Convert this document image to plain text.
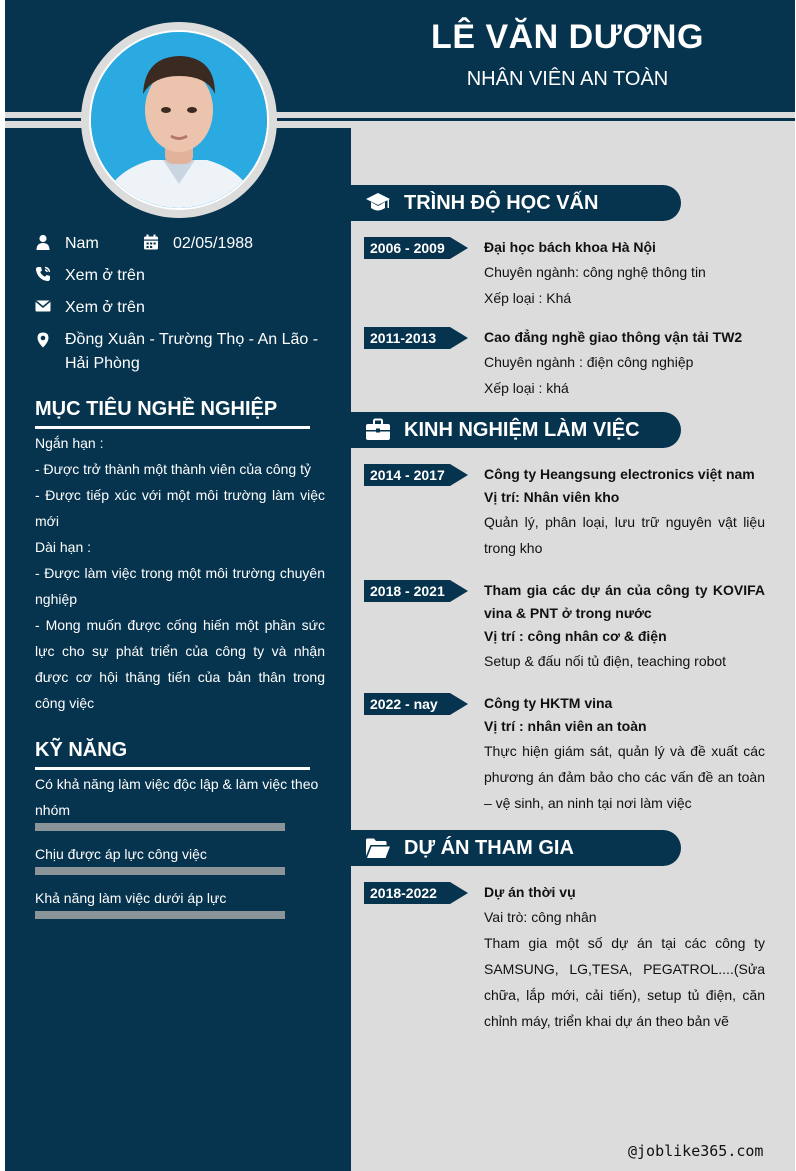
LÊ VĂN DƯƠNG
NHÂN VIÊN AN TOÀN
Nam	02/05/1988
Xem ở trên
Xem ở trên
Đồng Xuân - Trường Thọ - An Lão -
Hải Phòng
MỤC TIÊU NGHỀ NGHIỆP
Ngắn hạn :
- Được trở thành một thành viên của công tỷ
- Được tiếp xúc với một môi trường làm việc mới
Dài hạn :
- Được làm việc trong một môi trường chuyên nghiệp
- Mong muốn được cống hiến một phần sức lực cho sự phát triển của công ty và nhận được cơ hội thăng tiến của bản thân trong công việc
KỸ NĂNG
Có khả năng làm việc độc lập & làm việc theo nhóm
Chịu được áp lực công việc
Khả năng làm việc dưới áp lực
TRÌNH ĐỘ HỌC VẤN
2006 - 2009	Đại học bách khoa Hà Nội
Chuyên ngành: công nghệ thông tin
Xếp loại : Khá
2011-2013	Cao đẳng nghề giao thông vận tải TW2
Chuyên ngành : điện công nghiệp
Xếp loại : khá
KINH NGHIỆM LÀM VIỆC
2014 - 2017	Công ty Heangsung electronics việt nam
Vị trí: Nhân viên kho
Quản lý, phân loại, lưu trữ nguyên vật liệu trong kho
2018 - 2021	Tham gia các dự án của công ty KOVIFA vina & PNT ở trong nước
Vị trí : công nhân cơ & điện
Setup & đấu nối tủ điện, teaching robot
2022 - nay	Công ty HKTM vina
Vị trí : nhân viên an toàn
Thực hiện giám sát, quản lý và đề xuất các phương án đảm bảo cho các vấn đề an toàn – vệ sinh, an ninh tại nơi làm việc
DỰ ÁN THAM GIA
2018-2022	Dự án thời vụ
Vai trò: công nhân
Tham gia một số dự án tại các công ty SAMSUNG, LG,TESA, PEGATROL....(Sửa chữa, lắp mới, cải tiến), setup tủ điện, căn chỉnh máy, triển khai dự án theo bản vẽ
@joblike365.com
